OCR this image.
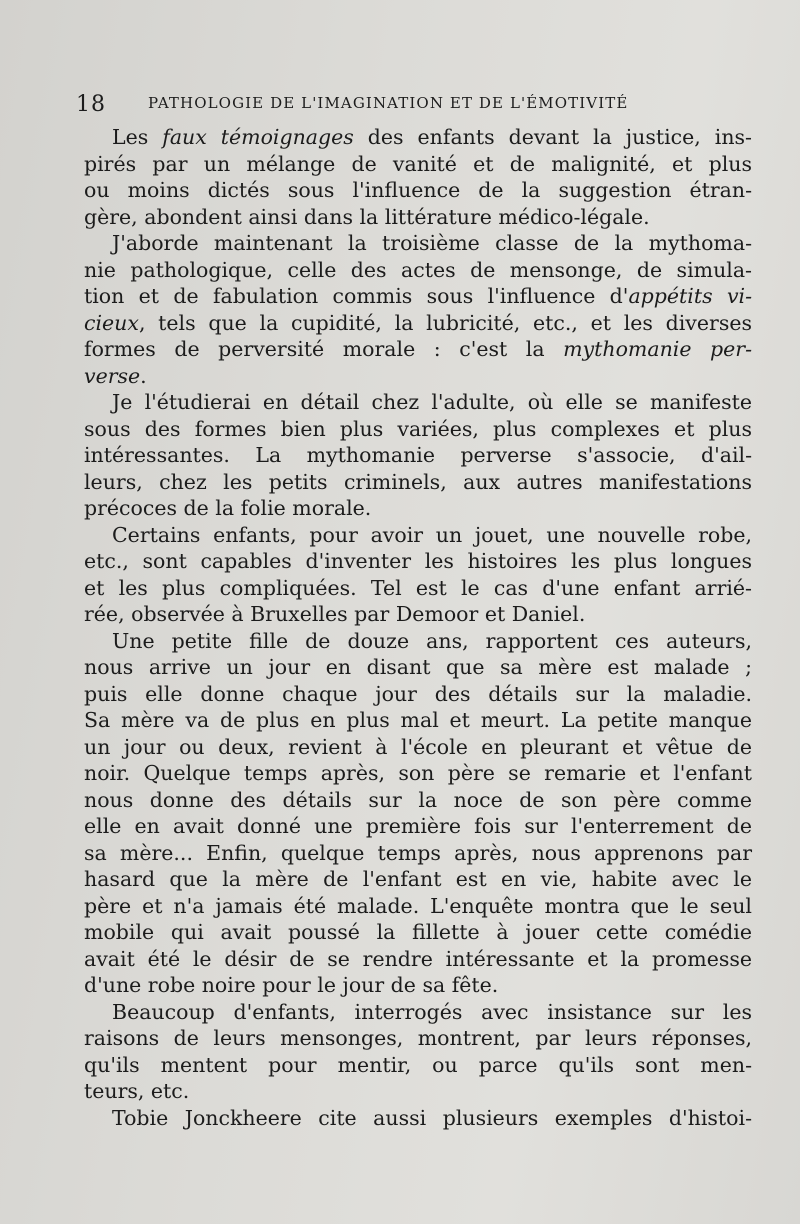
18	PATHOLOGIE DE L'IMAGINATION ET DE L'ÉMOTIVITÉ
Les faux témoignages des enfants devant la justice, ins-
pirés par un mélange de vanité et de malignité, et plus
ou moins dictés sous l'influence de la suggestion étran-
gère, abondent ainsi dans la littérature médico-légale.
J'aborde maintenant la troisième classe de la mythoma-
nie pathologique, celle des actes de mensonge, de simula-
tion et de fabulation commis sous l'influence d'appétits vi-
cieux, tels que la cupidité, la lubricité, etc., et les diverses
formes de perversité morale : c'est la mythomanie per-
verse.
Je l'étudierai en détail chez l'adulte, où elle se manifeste
sous des formes bien plus variées, plus complexes et plus
intéressantes. La mythomanie perverse s'associe, d'ail-
leurs, chez les petits criminels, aux autres manifestations
précoces de la folie morale.
Certains enfants, pour avoir un jouet, une nouvelle robe,
etc., sont capables d'inventer les histoires les plus longues
et les plus compliquées. Tel est le cas d'une enfant arrié-
rée, observée à Bruxelles par Demoor et Daniel.
Une petite fille de douze ans, rapportent ces auteurs,
nous arrive un jour en disant que sa mère est malade ;
puis elle donne chaque jour des détails sur la maladie.
Sa mère va de plus en plus mal et meurt. La petite manque
un jour ou deux, revient à l'école en pleurant et vêtue de
noir. Quelque temps après, son père se remarie et l'enfant
nous donne des détails sur la noce de son père comme
elle en avait donné une première fois sur l'enterrement de
sa mère... Enfin, quelque temps après, nous apprenons par
hasard que la mère de l'enfant est en vie, habite avec le
père et n'a jamais été malade. L'enquête montra que le seul
mobile qui avait poussé la fillette à jouer cette comédie
avait été le désir de se rendre intéressante et la promesse
d'une robe noire pour le jour de sa fête.
Beaucoup d'enfants, interrogés avec insistance sur les
raisons de leurs mensonges, montrent, par leurs réponses,
qu'ils mentent pour mentir, ou parce qu'ils sont men-
teurs, etc.
Tobie Jonckheere cite aussi plusieurs exemples d'histoi-
